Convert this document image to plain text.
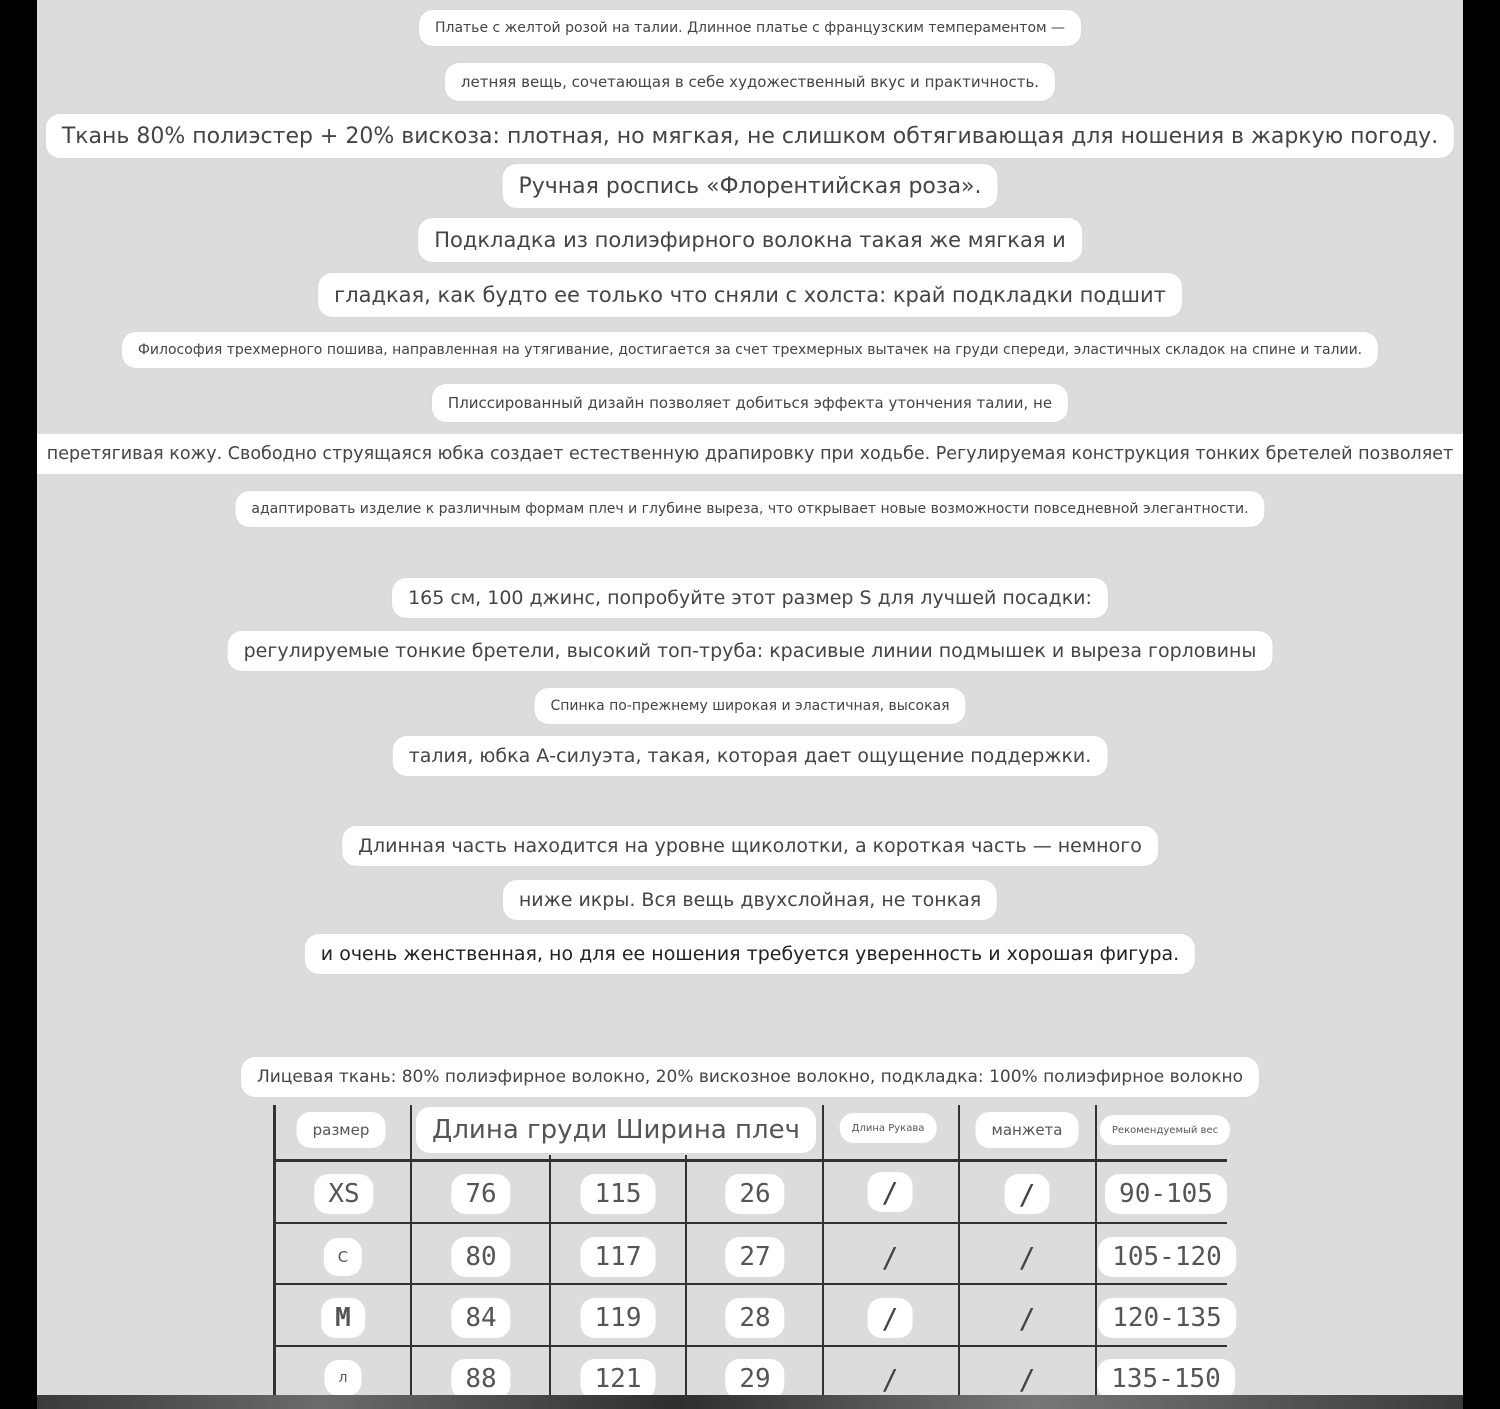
Платье с желтой розой на талии. Длинное платье с французским темпераментом —
летняя вещь, сочетающая в себе художественный вкус и практичность.
Ткань 80% полиэстер + 20% вискоза: плотная, но мягкая, не слишком обтягивающая для ношения в жаркую погоду.
Ручная роспись «Флорентийская роза».
Подкладка из полиэфирного волокна такая же мягкая и
гладкая, как будто ее только что сняли с холста: край подкладки подшит
Философия трехмерного пошива, направленная на утягивание, достигается за счет трехмерных вытачек на груди спереди, эластичных складок на спине и талии.
Плиссированный дизайн позволяет добиться эффекта утончения талии, не
перетягивая кожу. Свободно струящаяся юбка создает естественную драпировку при ходьбе. Регулируемая конструкция тонких бретелей позволяет
адаптировать изделие к различным формам плеч и глубине выреза, что открывает новые возможности повседневной элегантности.
165 см, 100 джинс, попробуйте этот размер S для лучшей посадки:
регулируемые тонкие бретели, высокий топ-труба: красивые линии подмышек и выреза горловины
Спинка по-прежнему широкая и эластичная, высокая
талия, юбка А-силуэта, такая, которая дает ощущение поддержки.
Длинная часть находится на уровне щиколотки, а короткая часть — немного
ниже икры. Вся вещь двухслойная, не тонкая
и очень женственная, но для ее ношения требуется уверенность и хорошая фигура.
Лицевая ткань: 80% полиэфирное волокно, 20% вискозное волокно, подкладка: 100% полиэфирное волокно
размер	Длина груди Ширина плеч	Длина Рукава	манжета	Рекомендуемый вес
XS	76	115	26	/	/	90-105
С	80	117	27	/	/	105-120
M	84	119	28	/	/	120-135
л	88	121	29	/	/	135-150
